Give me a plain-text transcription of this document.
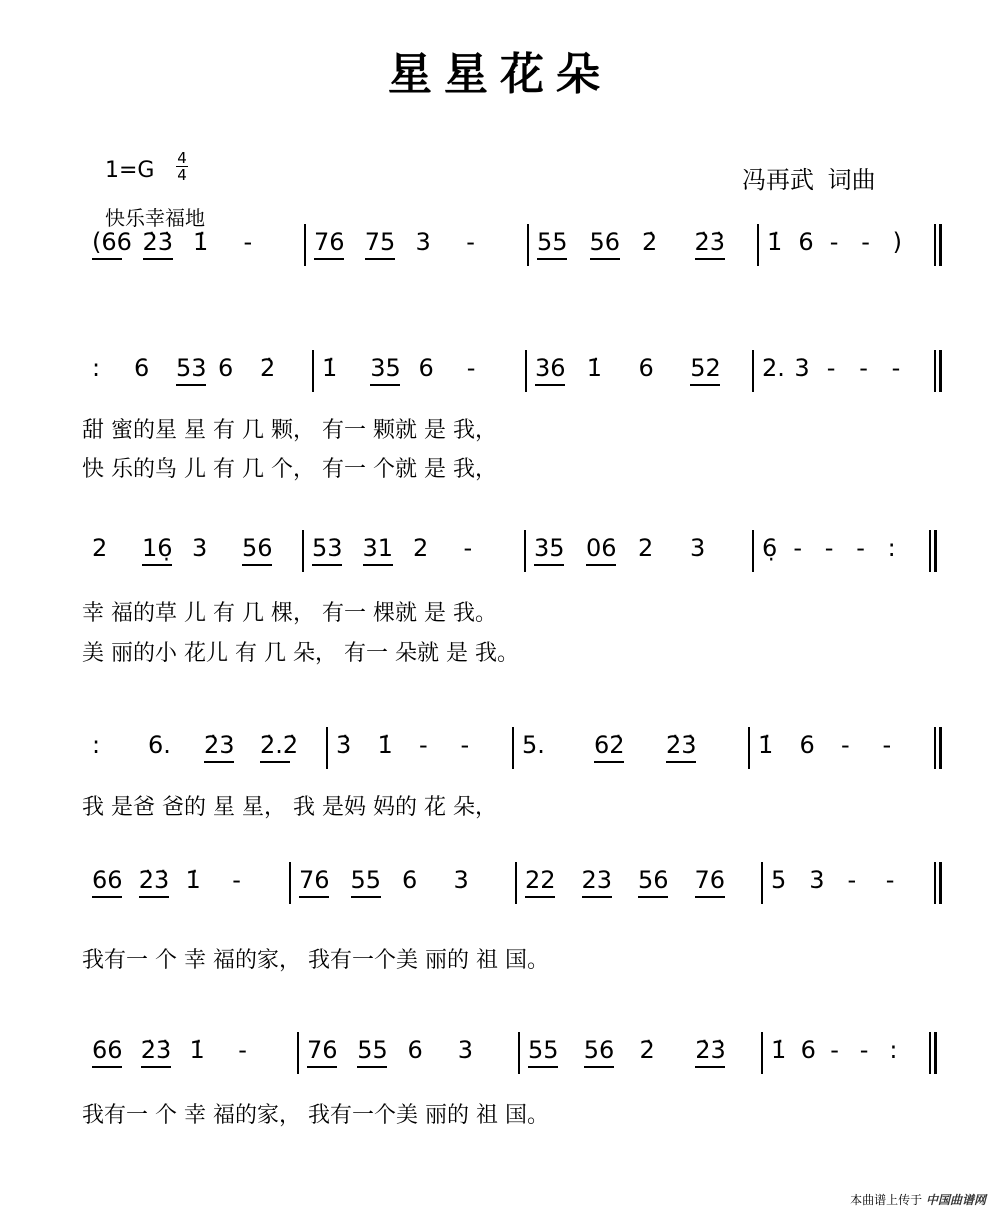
星星花朵
1=G 4
4
快乐幸福地
冯再武 词曲
(66 2̇3̇ 1̇ -	76 75 3 -	55 56 2̇ 2̇3̇ 1̇ 6 - - )
: 6 53 6 2̇ 1̇ 35 6 - 36 1̇ 6 52 2. 3 - - -
甜 蜜的星 星 有 几 颗， 有一 颗就 是 我，
快 乐的鸟 儿 有 几 个， 有一 个就 是 我，
2 16̣ 3 56 53 31 2 -	35 06 2 3 6̣ - - - :
幸 福的草 儿 有 几 棵， 有一 棵就 是 我。
美 丽的小 花儿 有 几 朵， 有一 朵就 是 我。
: 6. 2̇3 2̇.2̇ 3̇ 1̇ - - 5. 62̇ 2̇3̇	1̇ 6 - -
我 是爸 爸的 星 星， 我 是妈 妈的 花 朵，
66 2̇3̇ 1̇ - 76 55 6 3 22 23 56 76 5 3 - -
我有一 个 幸 福的家， 我有一个美 丽的 祖 国。
66 2̇3̇ 1̇ -	76 55 6 3 55 56 2̇ 2̇3̇ 1̇ 6 - - :
我有一 个 幸 福的家， 我有一个美 丽的 祖 国。
本曲谱上传于 中国曲谱网
